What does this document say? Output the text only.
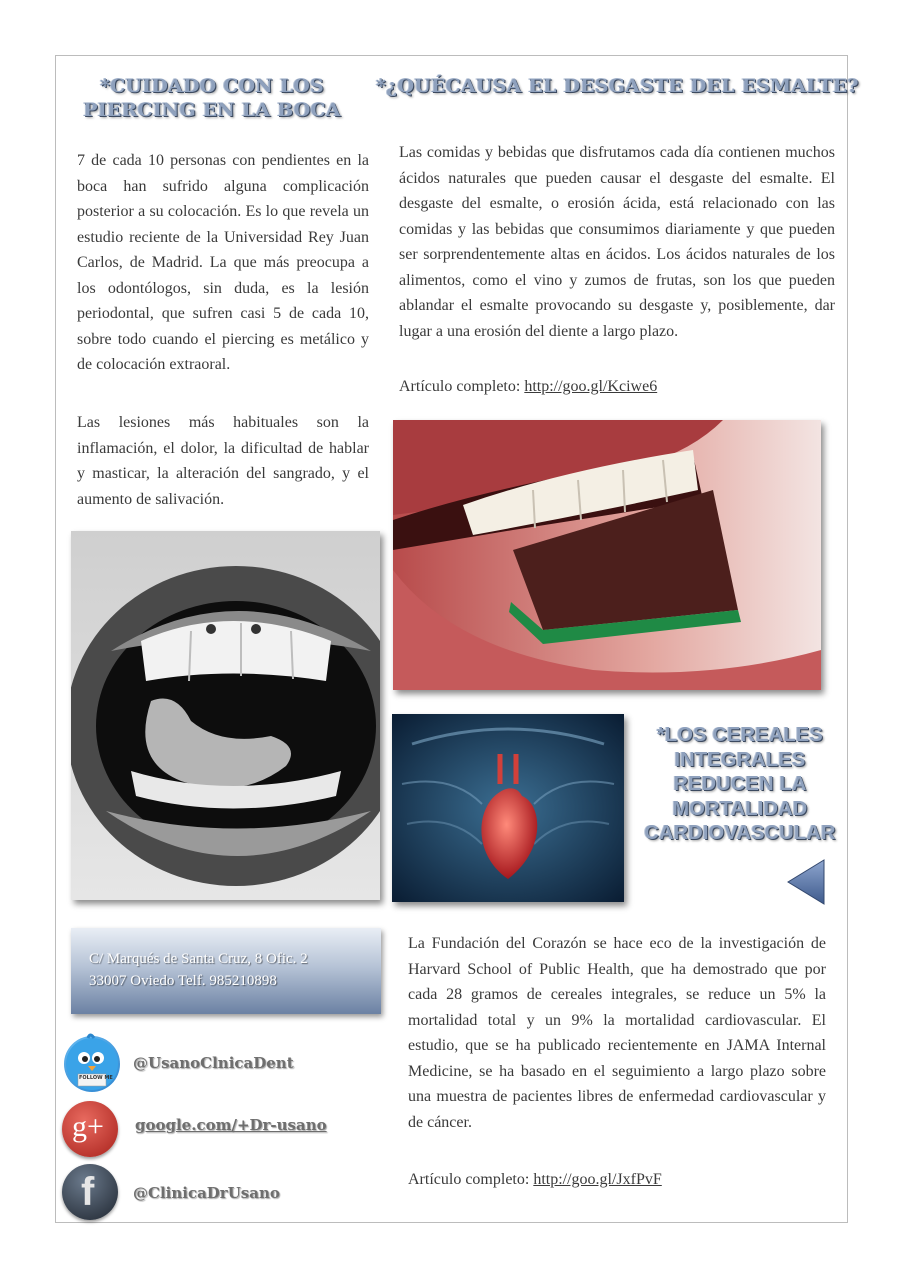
*CUIDADO CON LOS
PIERCING EN LA BOCA
*¿QUÉCAUSA EL DESGASTE DEL ESMALTE?

7 de cada 10 personas con pendientes en la boca han sufrido alguna complicación posterior a su colocación. Es lo que revela un estudio reciente de la Universidad Rey Juan Carlos, de Madrid. La que más preocupa a los odontólogos, sin duda, es la lesión periodontal, que sufren casi 5 de cada 10, sobre todo cuando el piercing es metálico y de colocación extraoral.

Las lesiones más habituales son la inflamación, el dolor, la dificultad de hablar y masticar, la alteración del sangrado, y el aumento de salivación.

Las comidas y bebidas que disfrutamos cada día contienen muchos ácidos naturales que pueden causar el desgaste del esmalte. El desgaste del esmalte, o erosión ácida, está relacionado con las comidas y las bebidas que consumimos diariamente y que pueden ser sorprendentemente altas en ácidos. Los ácidos naturales de los alimentos, como el vino y zumos de frutas, son los que pueden ablandar el esmalte provocando su desgaste y, posiblemente, dar lugar a una erosión del diente a largo plazo.

Artículo completo: http://goo.gl/Kciwe6
*LOS CEREALES
INTEGRALES
REDUCEN LA
MORTALIDAD
CARDIOVASCULAR
C/ Marqués de Santa Cruz, 8 Ofic. 2
33007 Oviedo Telf. 985210898

La Fundación del Corazón se hace eco de la investigación de Harvard School of Public Health, que ha demostrado que por cada 28 gramos de cereales integrales, se reduce un 5% la mortalidad total y un 9% la mortalidad cardiovascular. El estudio, que se ha publicado recientemente en JAMA Internal Medicine, se ha basado en el seguimiento a largo plazo sobre una muestra de pacientes libres de enfermedad cardiovascular y de cáncer.

Artículo completo: http://goo.gl/JxfPvF
FOLLOW ME
@UsanoClnicaDent
g+ google.com/+Dr-usano
f	@ClinicaDrUsano
